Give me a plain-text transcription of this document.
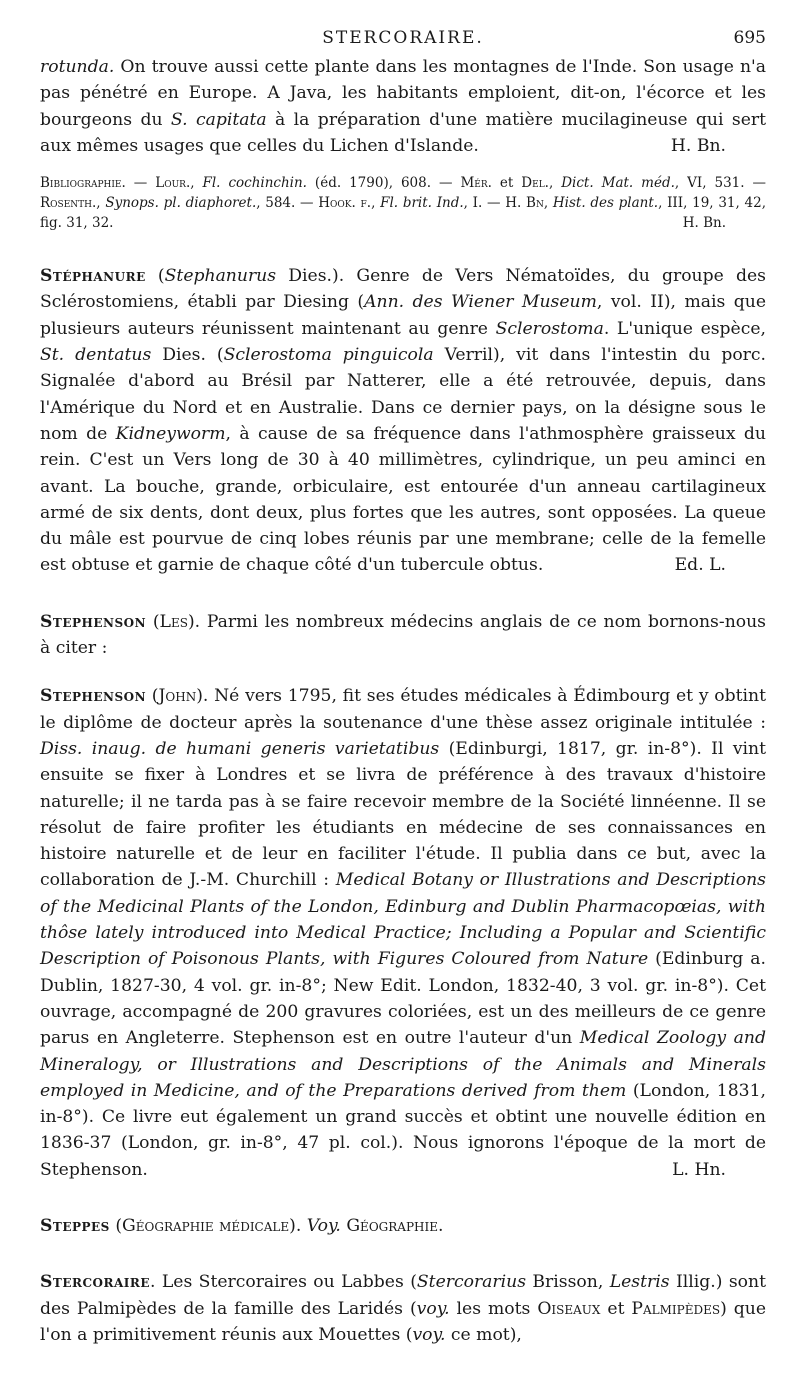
STERCORAIRE.	695

rotunda. On trouve aussi cette plante dans les montagnes de l'Inde. Son usage n'a pas pénétré en Europe. A Java, les habitants emploient, dit-on, l'écorce et les bourgeons du S. capitata à la préparation d'une matière mucilagineuse qui sert aux mêmes usages que celles du Lichen d'Islande.	H. Bn.

Bibliographie. — Lour., Fl. cochinchin. (éd. 1790), 608. — Mér. et Del., Dict. Mat. méd., VI, 531. — Rosenth., Synops. pl. diaphoret., 584. — Hook. f., Fl. brit. Ind., I. — H. Bn, Hist. des plant., III, 19, 31, 42, fig. 31, 32.	H. Bn.

Stéphanure (Stephanurus Dies.). Genre de Vers Nématoïdes, du groupe des Sclérostomiens, établi par Diesing (Ann. des Wiener Museum, vol. II), mais que plusieurs auteurs réunissent maintenant au genre Sclerostoma. L'unique espèce, St. dentatus Dies. (Sclerostoma pinguicola Verril), vit dans l'intestin du porc. Signalée d'abord au Brésil par Natterer, elle a été retrouvée, depuis, dans l'Amérique du Nord et en Australie. Dans ce dernier pays, on la désigne sous le nom de Kidneyworm, à cause de sa fréquence dans l'athmosphère graisseux du rein. C'est un Vers long de 30 à 40 millimètres, cylindrique, un peu aminci en avant. La bouche, grande, orbiculaire, est entourée d'un anneau cartilagineux armé de six dents, dont deux, plus fortes que les autres, sont opposées. La queue du mâle est pourvue de cinq lobes réunis par une membrane; celle de la femelle est obtuse et garnie de chaque côté d'un tubercule obtus.	Ed. L.

Stephenson (Les). Parmi les nombreux médecins anglais de ce nom bornons-nous à citer :

Stephenson (John). Né vers 1795, fit ses études médicales à Édimbourg et y obtint le diplôme de docteur après la soutenance d'une thèse assez originale intitulée : Diss. inaug. de humani generis varietatibus (Edinburgi, 1817, gr. in-8°). Il vint ensuite se fixer à Londres et se livra de préférence à des travaux d'histoire naturelle; il ne tarda pas à se faire recevoir membre de la Société linnéenne. Il se résolut de faire profiter les étudiants en médecine de ses connaissances en histoire naturelle et de leur en faciliter l'étude. Il publia dans ce but, avec la collaboration de J.-M. Churchill : Medical Botany or Illustrations and Descriptions of the Medicinal Plants of the London, Edinburg and Dublin Pharmacopœias, with thôse lately introduced into Medical Practice; Including a Popular and Scientific Description of Poisonous Plants, with Figures Coloured from Nature (Edinburg a. Dublin, 1827-30, 4 vol. gr. in-8°; New Edit. London, 1832-40, 3 vol. gr. in-8°). Cet ouvrage, accompagné de 200 gravures coloriées, est un des meilleurs de ce genre parus en Angleterre. Stephenson est en outre l'auteur d'un Medical Zoology and Mineralogy, or Illustrations and Descriptions of the Animals and Minerals employed in Medicine, and of the Preparations derived from them (London, 1831, in-8°). Ce livre eut également un grand succès et obtint une nouvelle édition en 1836-37 (London, gr. in-8°, 47 pl. col.). Nous ignorons l'époque de la mort de Stephenson.	L. Hn.

Steppes (Géographie médicale). Voy. Géographie.

Stercoraire. Les Stercoraires ou Labbes (Stercorarius Brisson, Lestris Illig.) sont des Palmipèdes de la famille des Laridés (voy. les mots Oiseaux et Palmipèdes) que l'on a primitivement réunis aux Mouettes (voy. ce mot),
